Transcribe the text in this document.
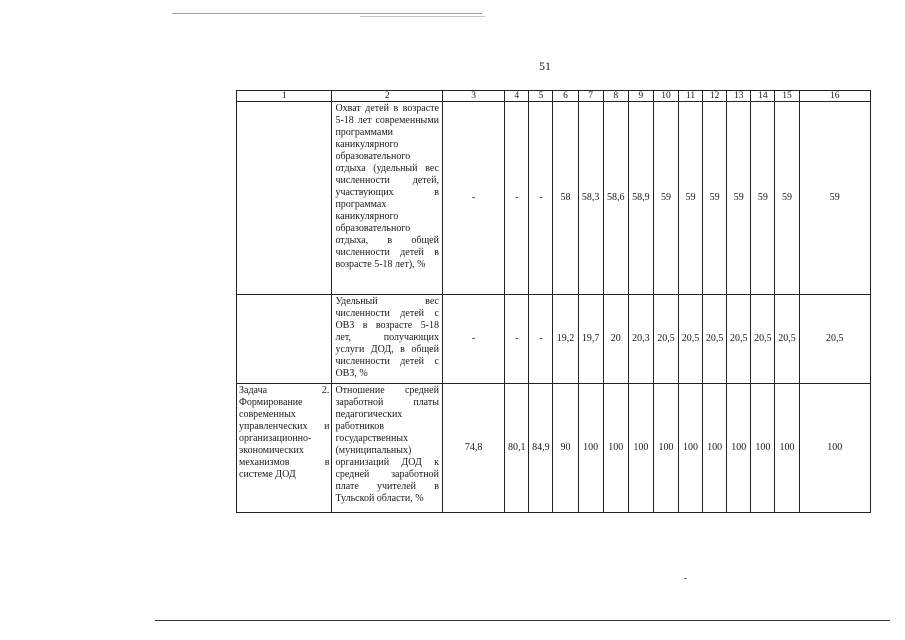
51
1	2	3	4	5	6	7	8	9	10	11	12	13	14	15	16
	Охват детей в возрасте 5-18 лет современными программами каникулярного образовательного отдыха (удельный вес численности детей, участвующих в программах каникулярного образовательного отдыха, в общей численности детей в возрасте 5-18 лет), %	-	-	-	58	58,3	58,6	58,9	59	59	59	59	59	59	59
	Удельный вес численности детей с ОВЗ в возрасте 5-18 лет, получающих услуги ДОД, в общей численности детей с ОВЗ, %	-	-	-	19,2	19,7	20	20,3	20,5	20,5	20,5	20,5	20,5	20,5	20,5
Задача 2. Формирование современных управленческих и организационно-экономических механизмов в системе ДОД	Отношение средней заработной платы педагогических работников государственных (муниципальных) организаций ДОД к средней заработной плате учителей в Тульской области, %	74,8	80,1	84,9	90	100	100	100	100	100	100	100	100	100	100
